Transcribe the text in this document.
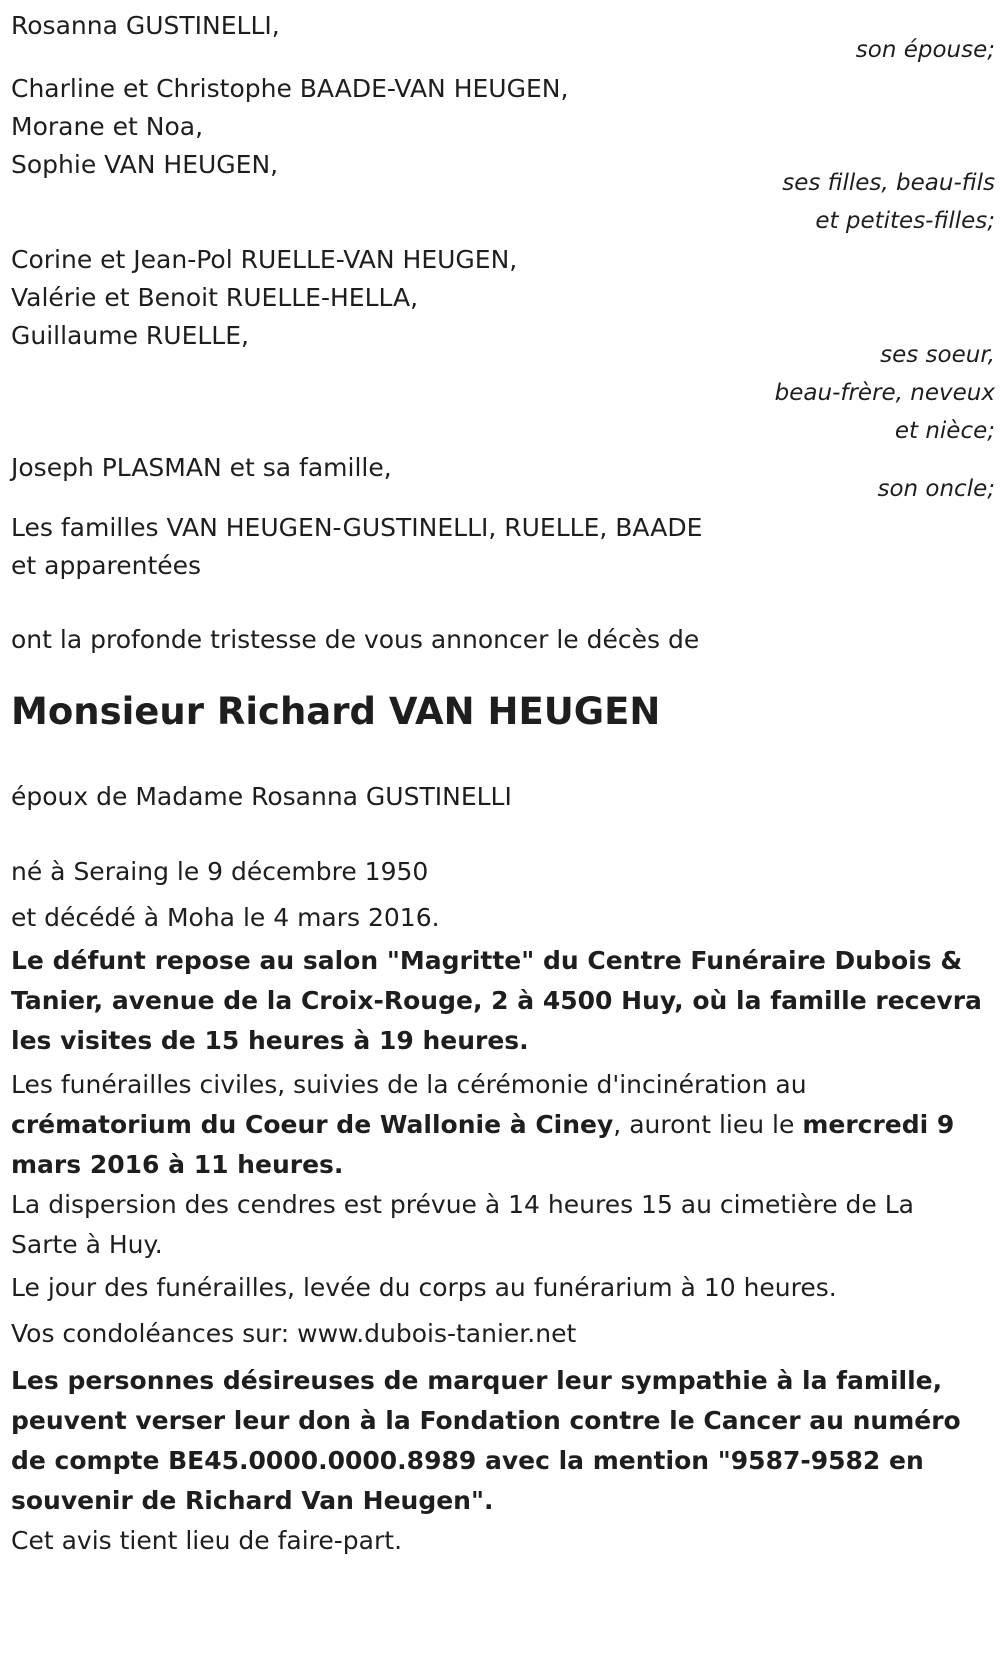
Rosanna GUSTINELLI,
son épouse;
Charline et Christophe BAADE-VAN HEUGEN,
Morane et Noa,
Sophie VAN HEUGEN,
ses filles, beau-fils
et petites-filles;
Corine et Jean-Pol RUELLE-VAN HEUGEN,
Valérie et Benoit RUELLE-HELLA,
Guillaume RUELLE,
ses soeur,
beau-frère, neveux
et nièce;
Joseph PLASMAN et sa famille,
son oncle;
Les familles VAN HEUGEN-GUSTINELLI, RUELLE, BAADE
et apparentées
ont la profonde tristesse de vous annoncer le décès de
Monsieur Richard VAN HEUGEN
époux de Madame Rosanna GUSTINELLI
né à Seraing le 9 décembre 1950
et décédé à Moha le 4 mars 2016.
Le défunt repose au salon "Magritte" du Centre Funéraire Dubois & Tanier, avenue de la Croix-Rouge, 2 à 4500 Huy, où la famille recevra les visites de 15 heures à 19 heures.
Les funérailles civiles, suivies de la cérémonie d'incinération au crématorium du Coeur de Wallonie à Ciney, auront lieu le mercredi 9 mars 2016 à 11 heures.
La dispersion des cendres est prévue à 14 heures 15 au cimetière de La Sarte à Huy.
Le jour des funérailles, levée du corps au funérarium à 10 heures.
Vos condoléances sur: www.dubois-tanier.net
Les personnes désireuses de marquer leur sympathie à la famille, peuvent verser leur don à la Fondation contre le Cancer au numéro de compte BE45.0000.0000.8989 avec la mention "9587-9582 en souvenir de Richard Van Heugen".
Cet avis tient lieu de faire-part.
